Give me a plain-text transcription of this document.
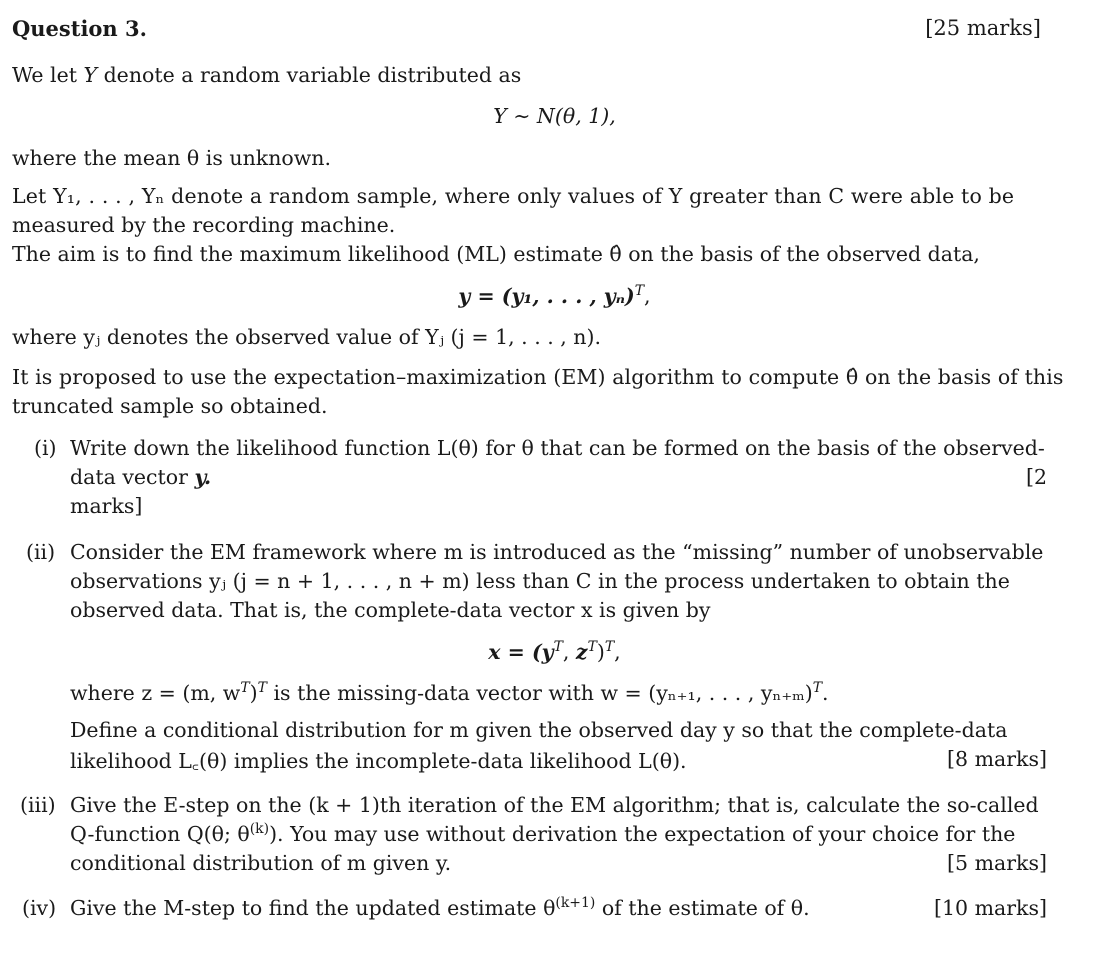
Question 3.	[25 marks]
We let Y denote a random variable distributed as
Y ∼ N(θ, 1),
where the mean θ is unknown.
Let Y₁, . . . , Yₙ denote a random sample, where only values of Y greater than C were able to be
measured by the recording machine.
The aim is to find the maximum likelihood (ML) estimate θ̂ on the basis of the observed data,
y = (y₁, . . . , yₙ)$^T$,
where yⱼ denotes the observed value of Yⱼ (j = 1, . . . , n).
It is proposed to use the expectation–maximization (EM) algorithm to compute θ̂ on the basis of this
truncated sample so obtained.
(i) Write down the likelihood function L(θ) for θ that can be formed on the basis of the observed-
data vector y.	[2
marks]
(ii) Consider the EM framework where m is introduced as the “missing” number of unobservable
observations yⱼ (j = n + 1, . . . , n + m) less than C in the process undertaken to obtain the
observed data. That is, the complete-data vector x is given by
$x = (y^T$, $z^T)^T$,
where z = (m, $w^T)^T$ is the missing-data vector with w = (yₙ₊₁, . . . , yₙ₊ₘ)$^T$.
Define a conditional distribution for m given the observed day y so that the complete-data
likelihood L꜀(θ) implies the incomplete-data likelihood L(θ).	[8 marks]
(iii) Give the E-step on the (k + 1)th iteration of the EM algorithm; that is, calculate the so-called
Q-function Q(θ; $\theta^{(k)}$). You may use without derivation the expectation of your choice for the
conditional distribution of m given y.	[5 marks]
(iv) Give the M-step to find the updated estimate $\theta^{(k+1)}$ of the estimate of θ.	[10 marks]
